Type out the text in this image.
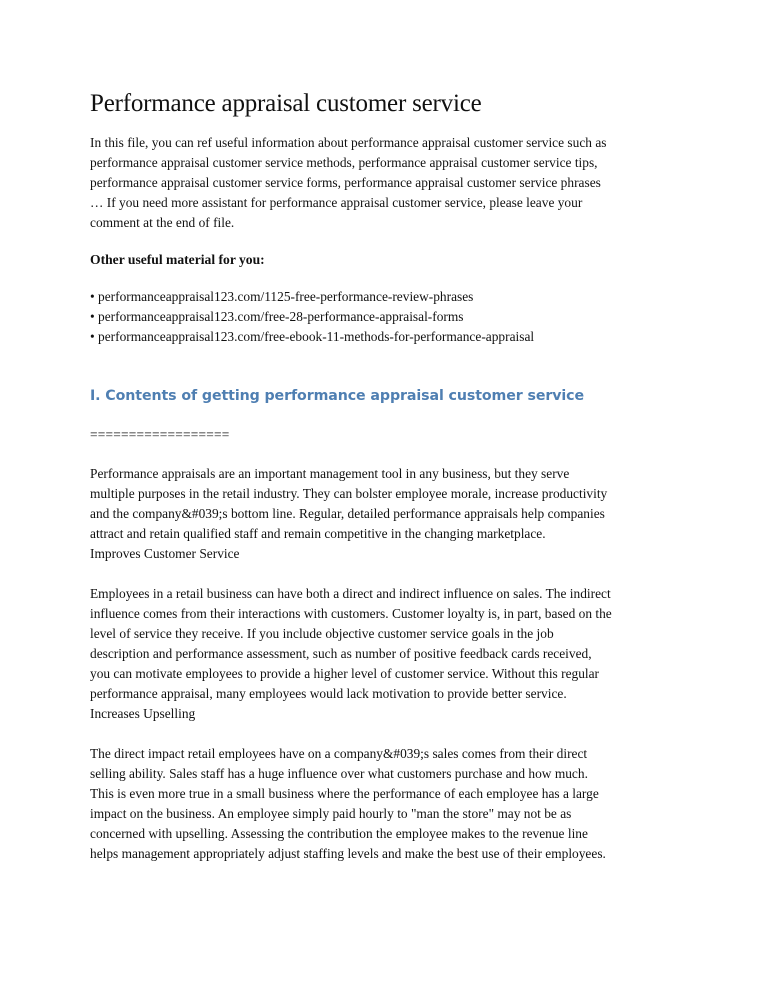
Performance appraisal customer service

In this file, you can ref useful information about performance appraisal customer service such as
performance appraisal customer service methods, performance appraisal customer service tips,
performance appraisal customer service forms, performance appraisal customer service phrases
… If you need more assistant for performance appraisal customer service, please leave your
comment at the end of file.

Other useful material for you:

• performanceappraisal123.com/1125-free-performance-review-phrases
• performanceappraisal123.com/free-28-performance-appraisal-forms
• performanceappraisal123.com/free-ebook-11-methods-for-performance-appraisal
I. Contents of getting performance appraisal customer service

==================

Performance appraisals are an important management tool in any business, but they serve
multiple purposes in the retail industry. They can bolster employee morale, increase productivity
and the company&#039;s bottom line. Regular, detailed performance appraisals help companies
attract and retain qualified staff and remain competitive in the changing marketplace.
Improves Customer Service

Employees in a retail business can have both a direct and indirect influence on sales. The indirect
influence comes from their interactions with customers. Customer loyalty is, in part, based on the
level of service they receive. If you include objective customer service goals in the job
description and performance assessment, such as number of positive feedback cards received,
you can motivate employees to provide a higher level of customer service. Without this regular
performance appraisal, many employees would lack motivation to provide better service.
Increases Upselling

The direct impact retail employees have on a company&#039;s sales comes from their direct
selling ability. Sales staff has a huge influence over what customers purchase and how much.
This is even more true in a small business where the performance of each employee has a large
impact on the business. An employee simply paid hourly to "man the store" may not be as
concerned with upselling. Assessing the contribution the employee makes to the revenue line
helps management appropriately adjust staffing levels and make the best use of their employees.
